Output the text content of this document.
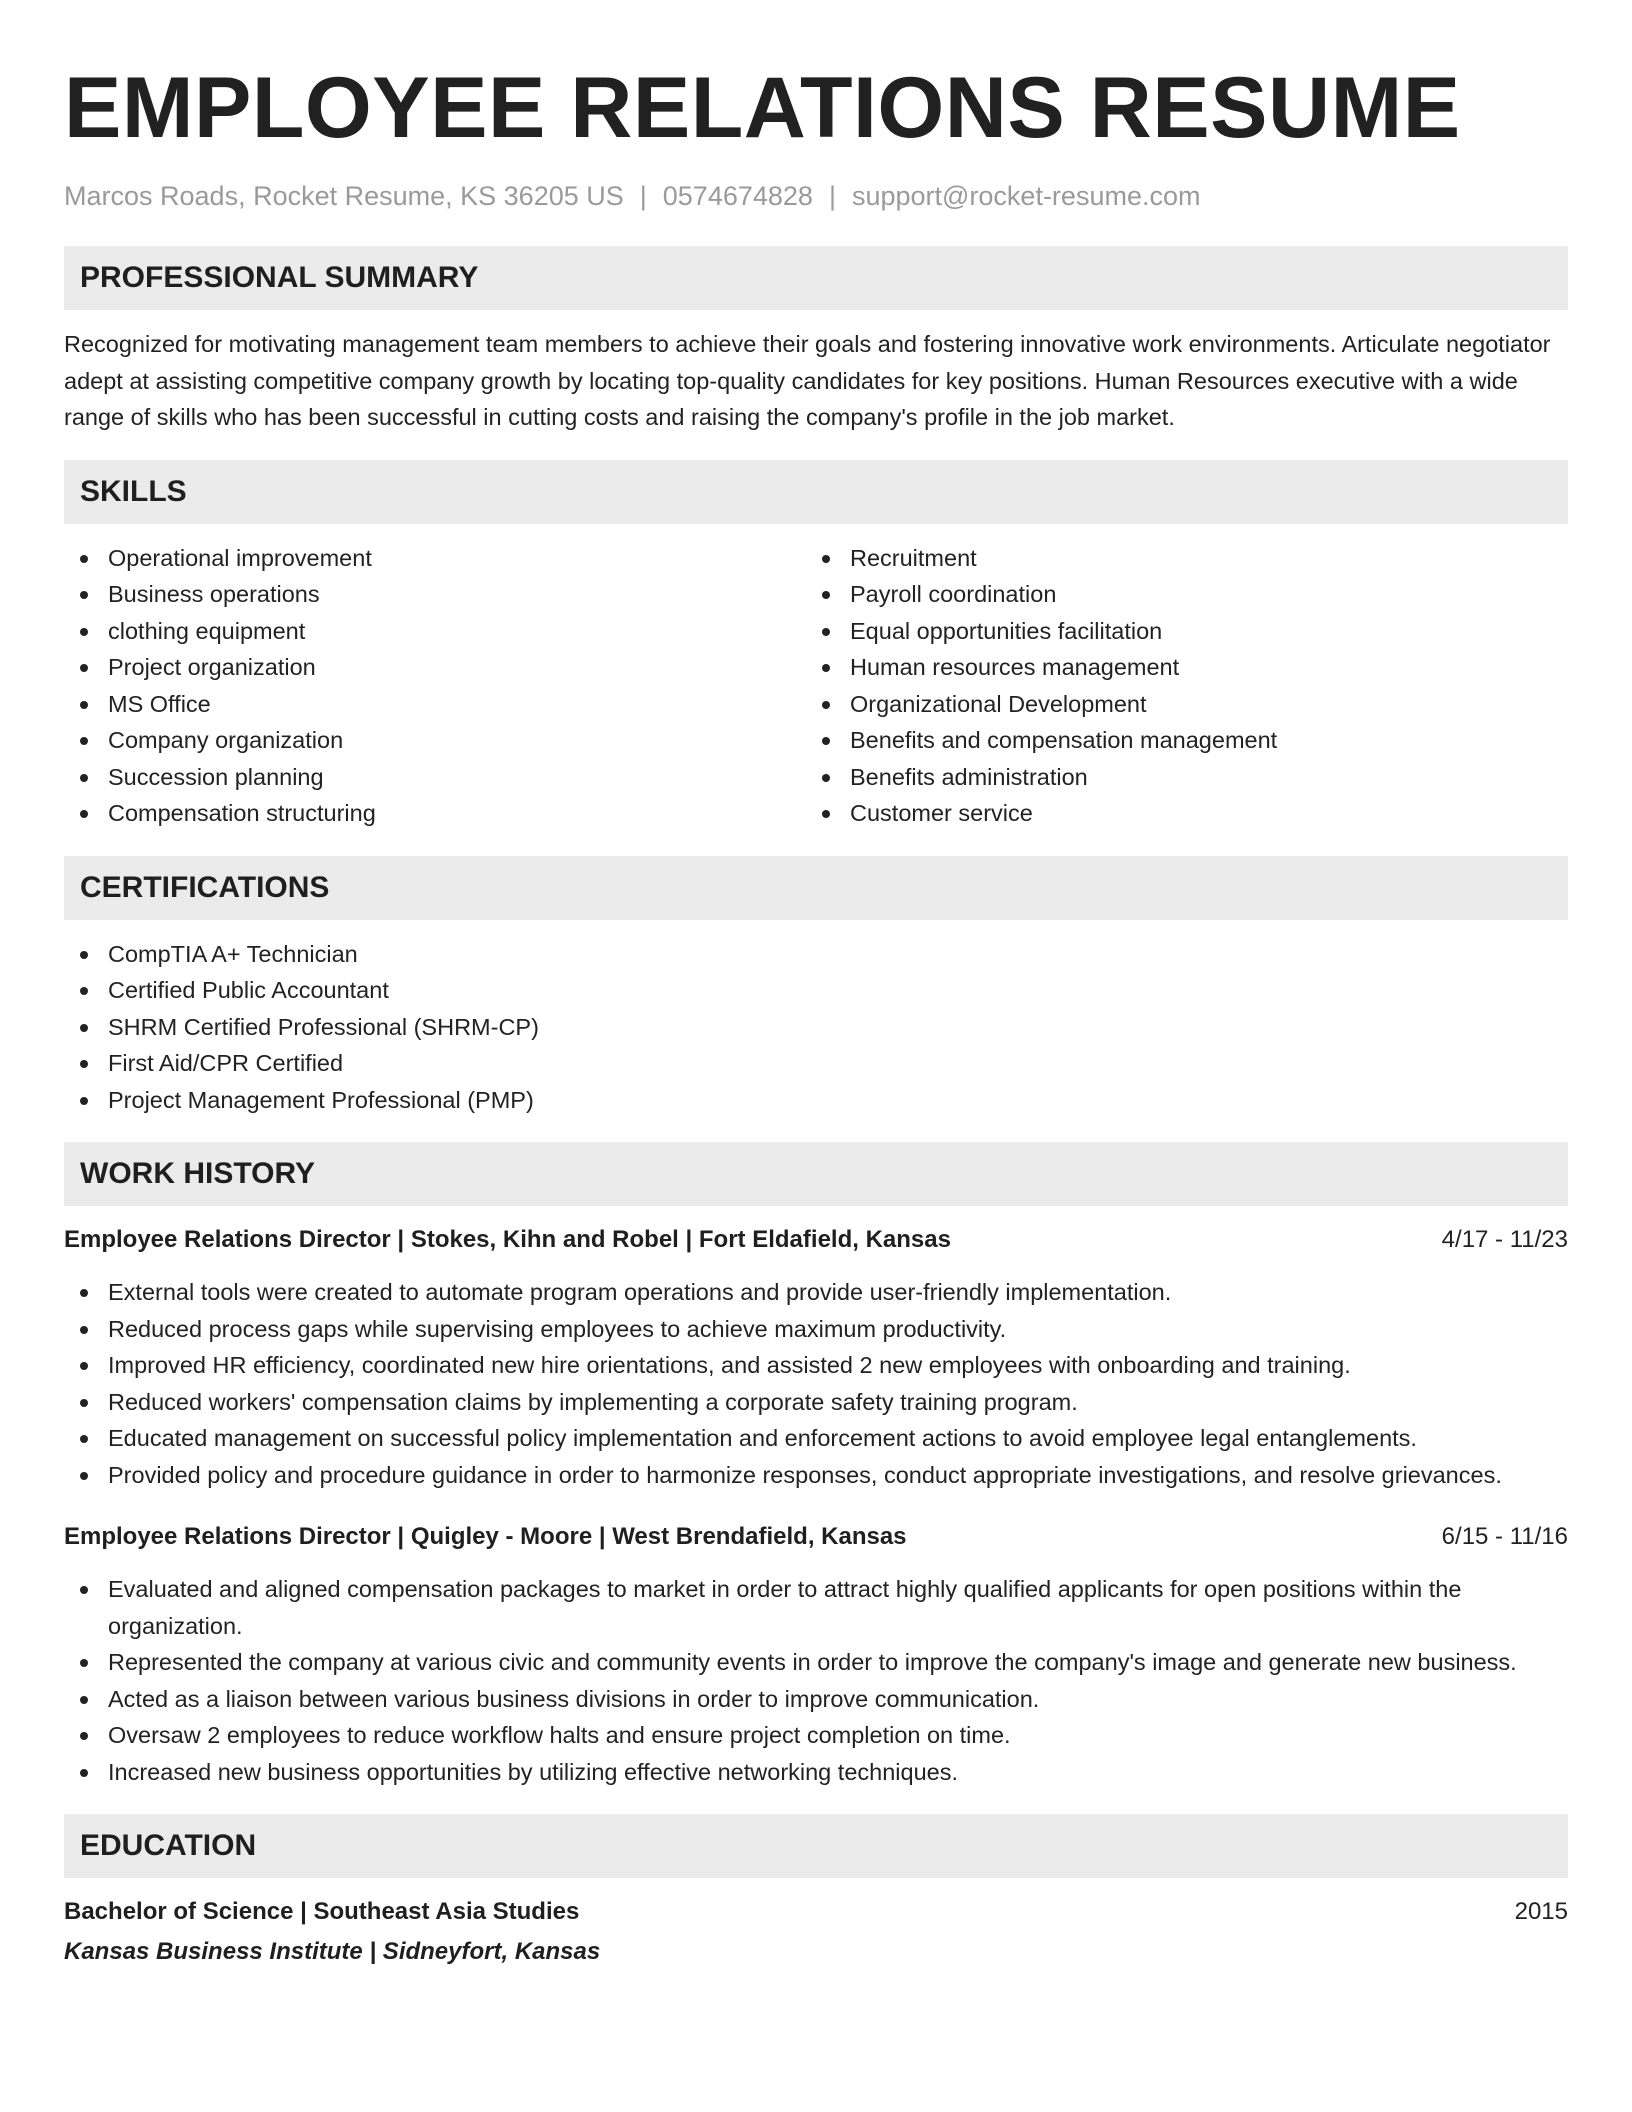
EMPLOYEE RELATIONS RESUME
Marcos Roads, Rocket Resume, KS 36205 US | 0574674828 | support@rocket-resume.com
PROFESSIONAL SUMMARY
Recognized for motivating management team members to achieve their goals and fostering innovative work environments. Articulate negotiator adept at assisting competitive company growth by locating top-quality candidates for key positions. Human Resources executive with a wide range of skills who has been successful in cutting costs and raising the company's profile in the job market.
SKILLS
Operational improvement
Business operations
clothing equipment
Project organization
MS Office
Company organization
Succession planning
Compensation structuring
Recruitment
Payroll coordination
Equal opportunities facilitation
Human resources management
Organizational Development
Benefits and compensation management
Benefits administration
Customer service
CERTIFICATIONS
CompTIA A+ Technician
Certified Public Accountant
SHRM Certified Professional (SHRM-CP)
First Aid/CPR Certified
Project Management Professional (PMP)
WORK HISTORY
Employee Relations Director | Stokes, Kihn and Robel | Fort Eldafield, Kansas	4/17 - 11/23
External tools were created to automate program operations and provide user-friendly implementation.
Reduced process gaps while supervising employees to achieve maximum productivity.
Improved HR efficiency, coordinated new hire orientations, and assisted 2 new employees with onboarding and training.
Reduced workers' compensation claims by implementing a corporate safety training program.
Educated management on successful policy implementation and enforcement actions to avoid employee legal entanglements.
Provided policy and procedure guidance in order to harmonize responses, conduct appropriate investigations, and resolve grievances.
Employee Relations Director | Quigley - Moore | West Brendafield, Kansas	6/15 - 11/16
Evaluated and aligned compensation packages to market in order to attract highly qualified applicants for open positions within the organization.
Represented the company at various civic and community events in order to improve the company's image and generate new business.
Acted as a liaison between various business divisions in order to improve communication.
Oversaw 2 employees to reduce workflow halts and ensure project completion on time.
Increased new business opportunities by utilizing effective networking techniques.
EDUCATION
Bachelor of Science | Southeast Asia Studies	2015
Kansas Business Institute | Sidneyfort, Kansas
